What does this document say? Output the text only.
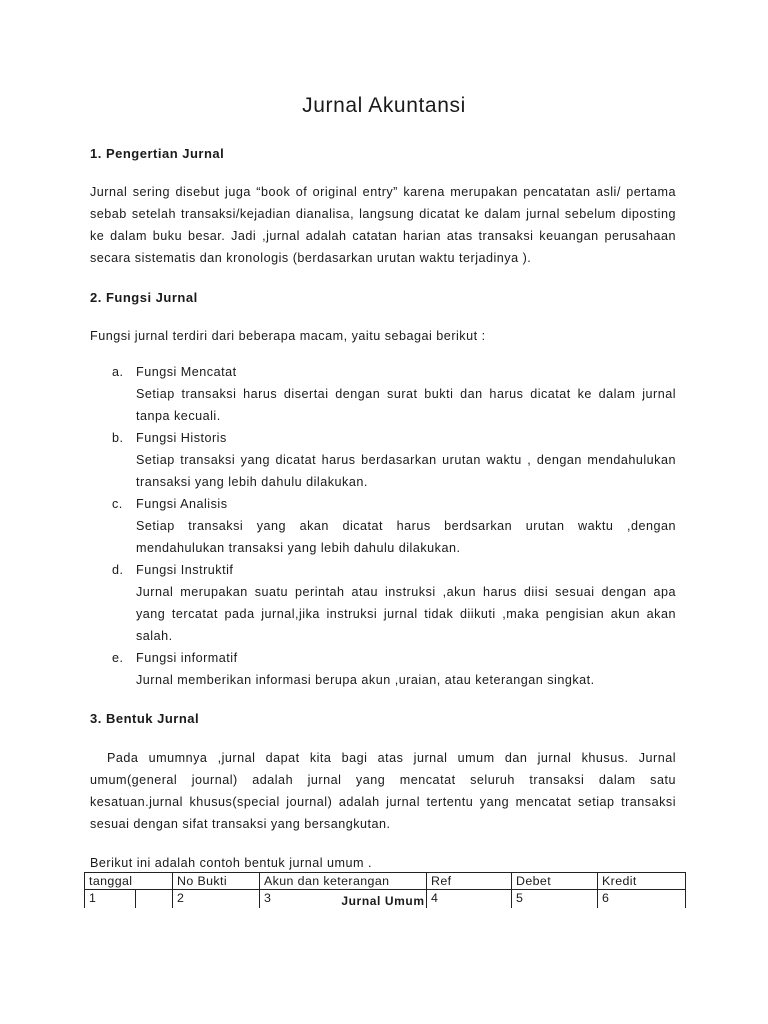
Jurnal Akuntansi
1. Pengertian Jurnal
Jurnal sering disebut juga “book of original entry” karena merupakan pencatatan asli/ pertama sebab setelah transaksi/kejadian dianalisa, langsung dicatat ke dalam jurnal sebelum diposting ke dalam buku besar. Jadi ,jurnal adalah catatan harian atas transaksi keuangan perusahaan secara sistematis dan kronologis (berdasarkan urutan waktu terjadinya ).
2. Fungsi Jurnal
Fungsi jurnal terdiri dari beberapa macam, yaitu sebagai berikut :
a. Fungsi Mencatat
Setiap transaksi harus disertai dengan surat bukti dan harus dicatat ke dalam jurnal tanpa kecuali.
b. Fungsi Historis
Setiap transaksi yang dicatat harus berdasarkan urutan waktu , dengan mendahulukan transaksi yang lebih dahulu dilakukan.
c. Fungsi Analisis
Setiap transaksi yang akan dicatat harus berdsarkan urutan waktu ,dengan mendahulukan transaksi yang lebih dahulu dilakukan.
d. Fungsi Instruktif
Jurnal merupakan suatu perintah atau instruksi ,akun harus diisi sesuai dengan apa yang tercatat pada jurnal,jika instruksi jurnal tidak diikuti ,maka pengisian akun akan salah.
e. Fungsi informatif
Jurnal memberikan informasi berupa akun ,uraian, atau keterangan singkat.
3. Bentuk Jurnal
Pada umumnya ,jurnal dapat kita bagi atas jurnal umum dan jurnal khusus. Jurnal umum(general journal) adalah jurnal yang mencatat seluruh transaksi dalam satu kesatuan.jurnal khusus(special journal) adalah jurnal tertentu yang mencatat setiap transaksi sesuai dengan sifat transaksi yang bersangkutan.
Berikut ini adalah contoh bentuk jurnal umum .
Jurnal Umum
tanggal		No Bukti	Akun dan keterangan	Ref	Debet	Kredit
1		2	3	4	5	6
